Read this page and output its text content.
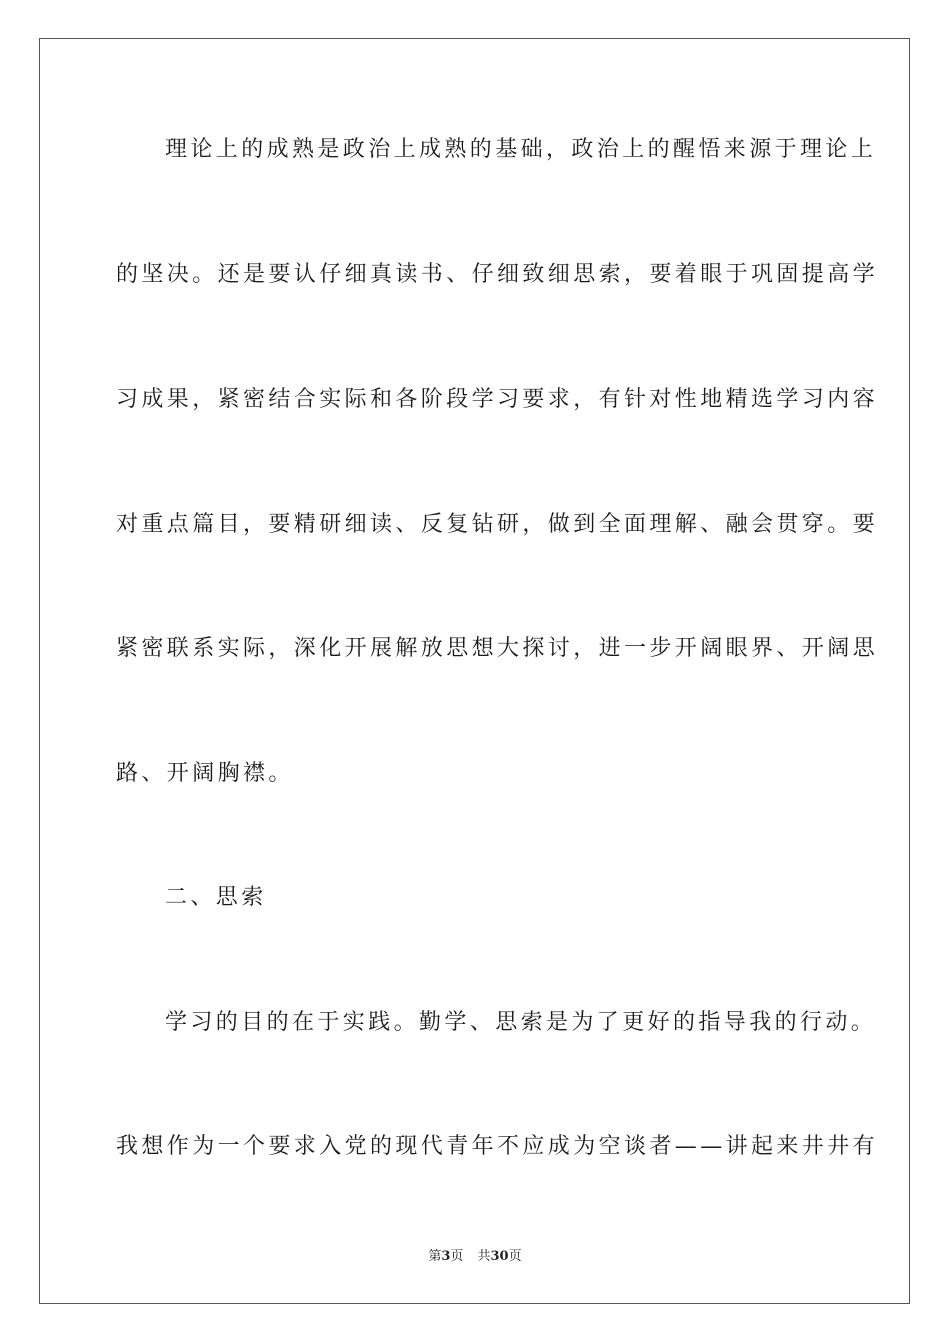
理论上的成熟是政治上成熟的基础，政治上的醒悟来源于理论上

的坚决。还是要认仔细真读书、仔细致细思索，要着眼于巩固提高学

习成果，紧密结合实际和各阶段学习要求，有针对性地精选学习内容

对重点篇目，要精研细读、反复钻研，做到全面理解、融会贯穿。要

紧密联系实际，深化开展解放思想大探讨，进一步开阔眼界、开阔思

路、开阔胸襟。

二、思索

学习的目的在于实践。勤学、思索是为了更好的指导我的行动。

我想作为一个要求入党的现代青年不应成为空谈者——讲起来井井有

第3页 共30页
